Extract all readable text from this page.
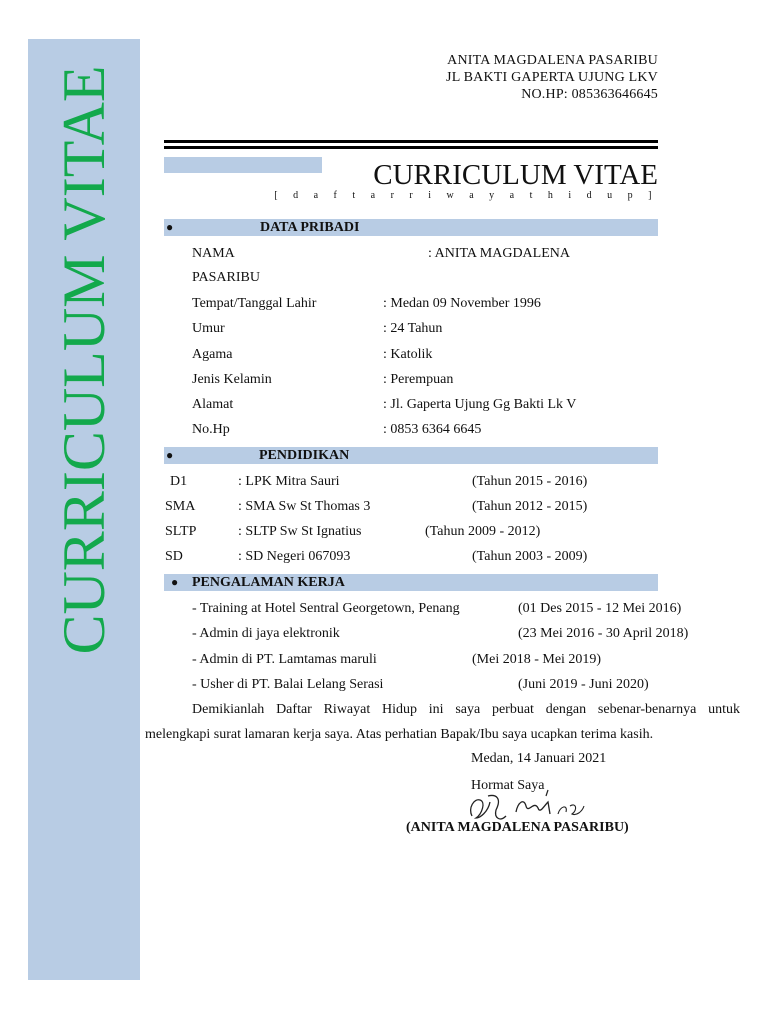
CURRICULUM VITAE
ANITA MAGDALENA PASARIBU
JL BAKTI GAPERTA UJUNG LKV
NO.HP: 085363646645
CURRICULUM VITAE
[ d a f t a r r i w a y a t h i d u p ]
●	DATA PRIBADI
NAMA	: ANITA MAGDALENA
PASARIBU
Tempat/Tanggal Lahir	: Medan 09 November 1996
Umur	: 24 Tahun
Agama	: Katolik
Jenis Kelamin	: Perempuan
Alamat	: Jl. Gaperta Ujung Gg Bakti Lk V
No.Hp	: 0853 6364 6645
●	PENDIDIKAN
D1	: LPK Mitra Sauri	(Tahun 2015 - 2016)
SMA	: SMA Sw St Thomas 3	(Tahun 2012 - 2015)
SLTP	: SLTP Sw St Ignatius	(Tahun 2009 - 2012)
SD	: SD Negeri 067093	(Tahun 2003 - 2009)
● PENGALAMAN KERJA
- Training at Hotel Sentral Georgetown, Penang	(01 Des 2015 - 12 Mei 2016)
- Admin di jaya elektronik	(23 Mei 2016 - 30 April 2018)
- Admin di PT. Lamtamas maruli	(Mei 2018 - Mei 2019)
- Usher di PT. Balai Lelang Serasi	(Juni 2019 - Juni 2020)
Demikianlah Daftar Riwayat Hidup ini saya perbuat dengan sebenar-benarnya untuk
melengkapi surat lamaran kerja saya. Atas perhatian Bapak/Ibu saya ucapkan terima kasih.
Medan, 14 Januari 2021
Hormat Saya
(ANITA MAGDALENA PASARIBU)
